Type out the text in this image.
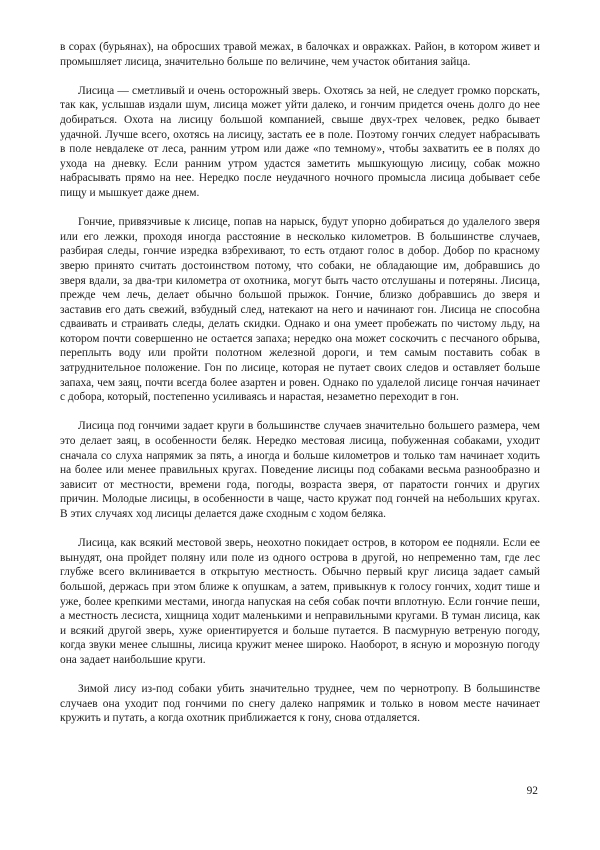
в сорах (бурьянах), на обросших травой межах, в балочках и овражках. Район, в котором живет и промышляет лисица, значительно больше по величине, чем участок обитания зайца.

Лисица — сметливый и очень осторожный зверь. Охотясь за ней, не следует громко порскать, так как, услышав издали шум, лисица может уйти далеко, и гончим придется очень долго до нее добираться. Охота на лисицу большой компанией, свыше двух-трех человек, редко бывает удачной. Лучше всего, охотясь на лисицу, застать ее в поле. Поэтому гончих следует набрасывать в поле невдалеке от леса, ранним утром или даже «по темному», чтобы захватить ее в полях до ухода на дневку. Если ранним утром удастся заметить мышкующую лисицу, собак можно набрасывать прямо на нее. Нередко после неудачного ночного промысла лисица добывает себе пищу и мышкует даже днем.

Гончие, привязчивые к лисице, попав на нарыск, будут упорно добираться до удалелого зверя или его лежки, проходя иногда расстояние в несколько километров. В большинстве случаев, разбирая следы, гончие изредка взбрехивают, то есть отдают голос в добор. Добор по красному зверю принято считать достоинством потому, что собаки, не обладающие им, добравшись до зверя вдали, за два-три километра от охотника, могут быть часто отслушаны и потеряны. Лисица, прежде чем лечь, делает обычно большой прыжок. Гончие, близко добравшись до зверя и заставив его дать свежий, взбудный след, натекают на него и начинают гон. Лисица не способна сдваивать и страивать следы, делать скидки. Однако и она умеет пробежать по чистому льду, на котором почти совершенно не остается запаха; нередко она может соскочить с песчаного обрыва, переплыть воду или пройти полотном железной дороги, и тем самым поставить собак в затруднительное положение. Гон по лисице, которая не путает своих следов и оставляет больше запаха, чем заяц, почти всегда более азартен и ровен. Однако по удалелой лисице гончая начинает с добора, который, постепенно усиливаясь и нарастая, незаметно переходит в гон.

Лисица под гончими задает круги в большинстве случаев значительно большего размера, чем это делает заяц, в особенности беляк. Нередко местовая лисица, побуженная собаками, уходит сначала со слуха напрямик за пять, а иногда и больше километров и только там начинает ходить на более или менее правильных кругах. Поведение лисицы под собаками весьма разнообразно и зависит от местности, времени года, погоды, возраста зверя, от паратости гончих и других причин. Молодые лисицы, в особенности в чаще, часто кружат под гончей на небольших кругах. В этих случаях ход лисицы делается даже сходным с ходом беляка.

Лисица, как всякий местовой зверь, неохотно покидает остров, в котором ее подняли. Если ее вынудят, она пройдет поляну или поле из одного острова в другой, но непременно там, где лес глубже всего вклинивается в открытую местность. Обычно первый круг лисица задает самый большой, держась при этом ближе к опушкам, а затем, привыкнув к голосу гончих, ходит тише и уже, более крепкими местами, иногда напуская на себя собак почти вплотную. Если гончие пеши, а местность лесиста, хищница ходит маленькими и неправильными кругами. В туман лисица, как и всякий другой зверь, хуже ориентируется и больше путается. В пасмурную ветреную погоду, когда звуки менее слышны, лисица кружит менее широко. Наоборот, в ясную и морозную погоду она задает наибольшие круги.

Зимой лису из-под собаки убить значительно труднее, чем по чернотропу. В большинстве случаев она уходит под гончими по снегу далеко напрямик и только в новом месте начинает кружить и путать, а когда охотник приближается к гону, снова отдаляется.

92
